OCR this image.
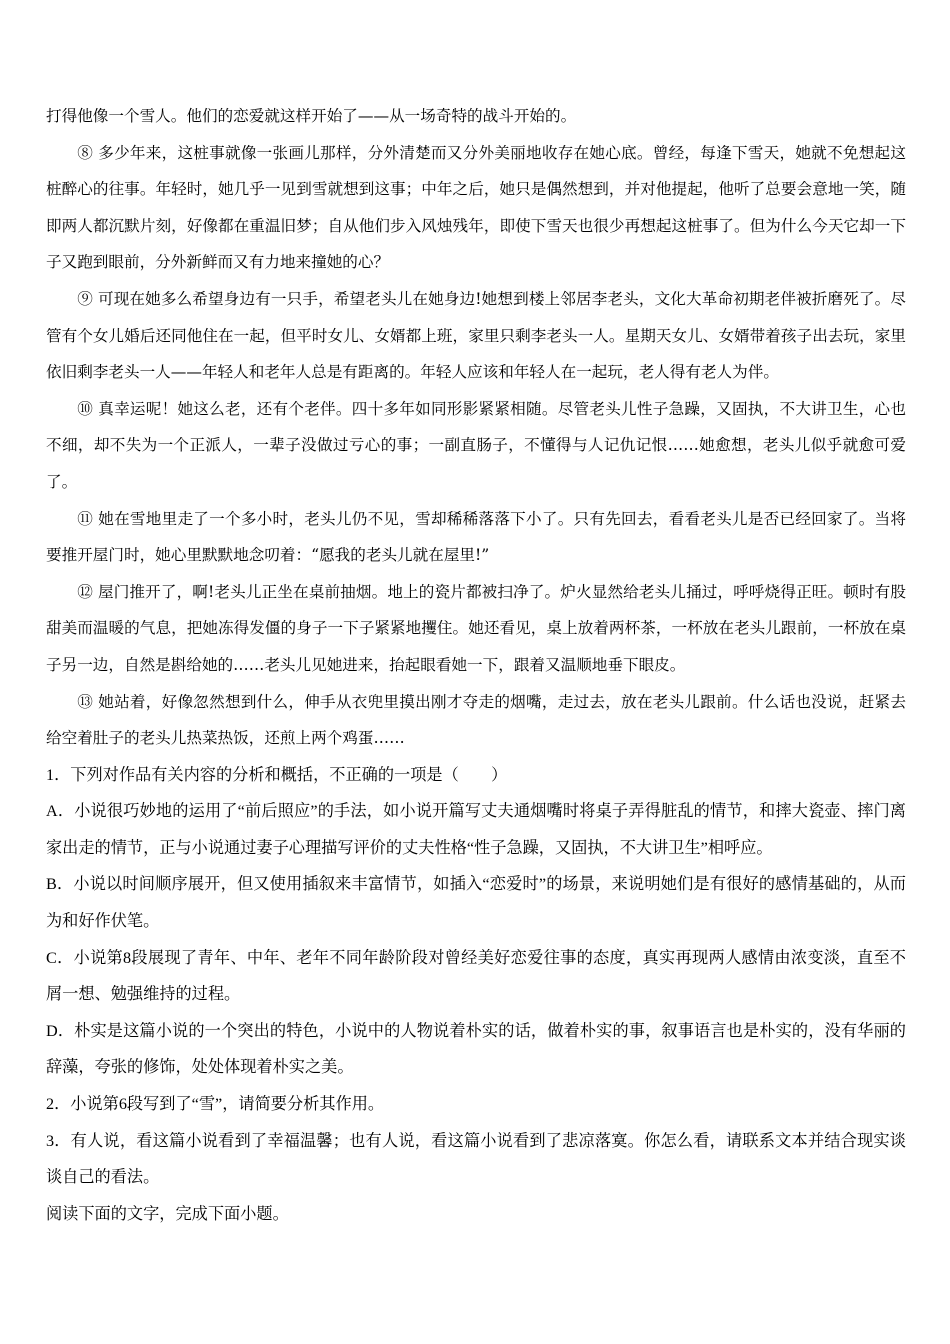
打得他像一个雪人。他们的恋爱就这样开始了——从一场奇特的战斗开始的。

⑧ 多少年来，这桩事就像一张画儿那样，分外清楚而又分外美丽地收存在她心底。曾经，每逢下雪天，她就不免想起这桩醉心的往事。年轻时，她几乎一见到雪就想到这事；中年之后，她只是偶然想到，并对他提起，他听了总要会意地一笑，随即两人都沉默片刻，好像都在重温旧梦；自从他们步入风烛残年，即使下雪天也很少再想起这桩事了。但为什么今天它却一下子又跑到眼前，分外新鲜而又有力地来撞她的心？

⑨ 可现在她多么希望身边有一只手，希望老头儿在她身边!她想到楼上邻居李老头，文化大革命初期老伴被折磨死了。尽管有个女儿婚后还同他住在一起，但平时女儿、女婿都上班，家里只剩李老头一人。星期天女儿、女婿带着孩子出去玩，家里依旧剩李老头一人——年轻人和老年人总是有距离的。年轻人应该和年轻人在一起玩，老人得有老人为伴。

⑩ 真幸运呢！她这么老，还有个老伴。四十多年如同形影紧紧相随。尽管老头儿性子急躁，又固执，不大讲卫生，心也不细，却不失为一个正派人，一辈子没做过亏心的事；一副直肠子，不懂得与人记仇记恨……她愈想，老头儿似乎就愈可爱了。

⑪ 她在雪地里走了一个多小时，老头儿仍不见，雪却稀稀落落下小了。只有先回去，看看老头儿是否已经回家了。当将要推开屋门时，她心里默默地念叨着：“愿我的老头儿就在屋里!”

⑫ 屋门推开了，啊!老头儿正坐在桌前抽烟。地上的瓷片都被扫净了。炉火显然给老头儿捅过，呼呼烧得正旺。顿时有股甜美而温暖的气息，把她冻得发僵的身子一下子紧紧地攫住。她还看见，桌上放着两杯茶，一杯放在老头儿跟前，一杯放在桌子另一边，自然是斟给她的……老头儿见她进来，抬起眼看她一下，跟着又温顺地垂下眼皮。

⑬ 她站着，好像忽然想到什么，伸手从衣兜里摸出刚才夺走的烟嘴，走过去，放在老头儿跟前。什么话也没说，赶紧去给空着肚子的老头儿热菜热饭，还煎上两个鸡蛋……

1．下列对作品有关内容的分析和概括，不正确的一项是（　　）

A．小说很巧妙地的运用了“前后照应”的手法，如小说开篇写丈夫通烟嘴时将桌子弄得脏乱的情节，和摔大瓷壶、摔门离家出走的情节，正与小说通过妻子心理描写评价的丈夫性格“性子急躁，又固执，不大讲卫生”相呼应。

B．小说以时间顺序展开，但又使用插叙来丰富情节，如插入“恋爱时”的场景，来说明她们是有很好的感情基础的，从而为和好作伏笔。

C．小说第8段展现了青年、中年、老年不同年龄阶段对曾经美好恋爱往事的态度，真实再现两人感情由浓变淡，直至不屑一想、勉强维持的过程。

D．朴实是这篇小说的一个突出的特色，小说中的人物说着朴实的话，做着朴实的事，叙事语言也是朴实的，没有华丽的辞藻，夸张的修饰，处处体现着朴实之美。

2．小说第6段写到了“雪”，请简要分析其作用。

3．有人说，看这篇小说看到了幸福温馨；也有人说，看这篇小说看到了悲凉落寞。你怎么看，请联系文本并结合现实谈谈自己的看法。

阅读下面的文字，完成下面小题。
